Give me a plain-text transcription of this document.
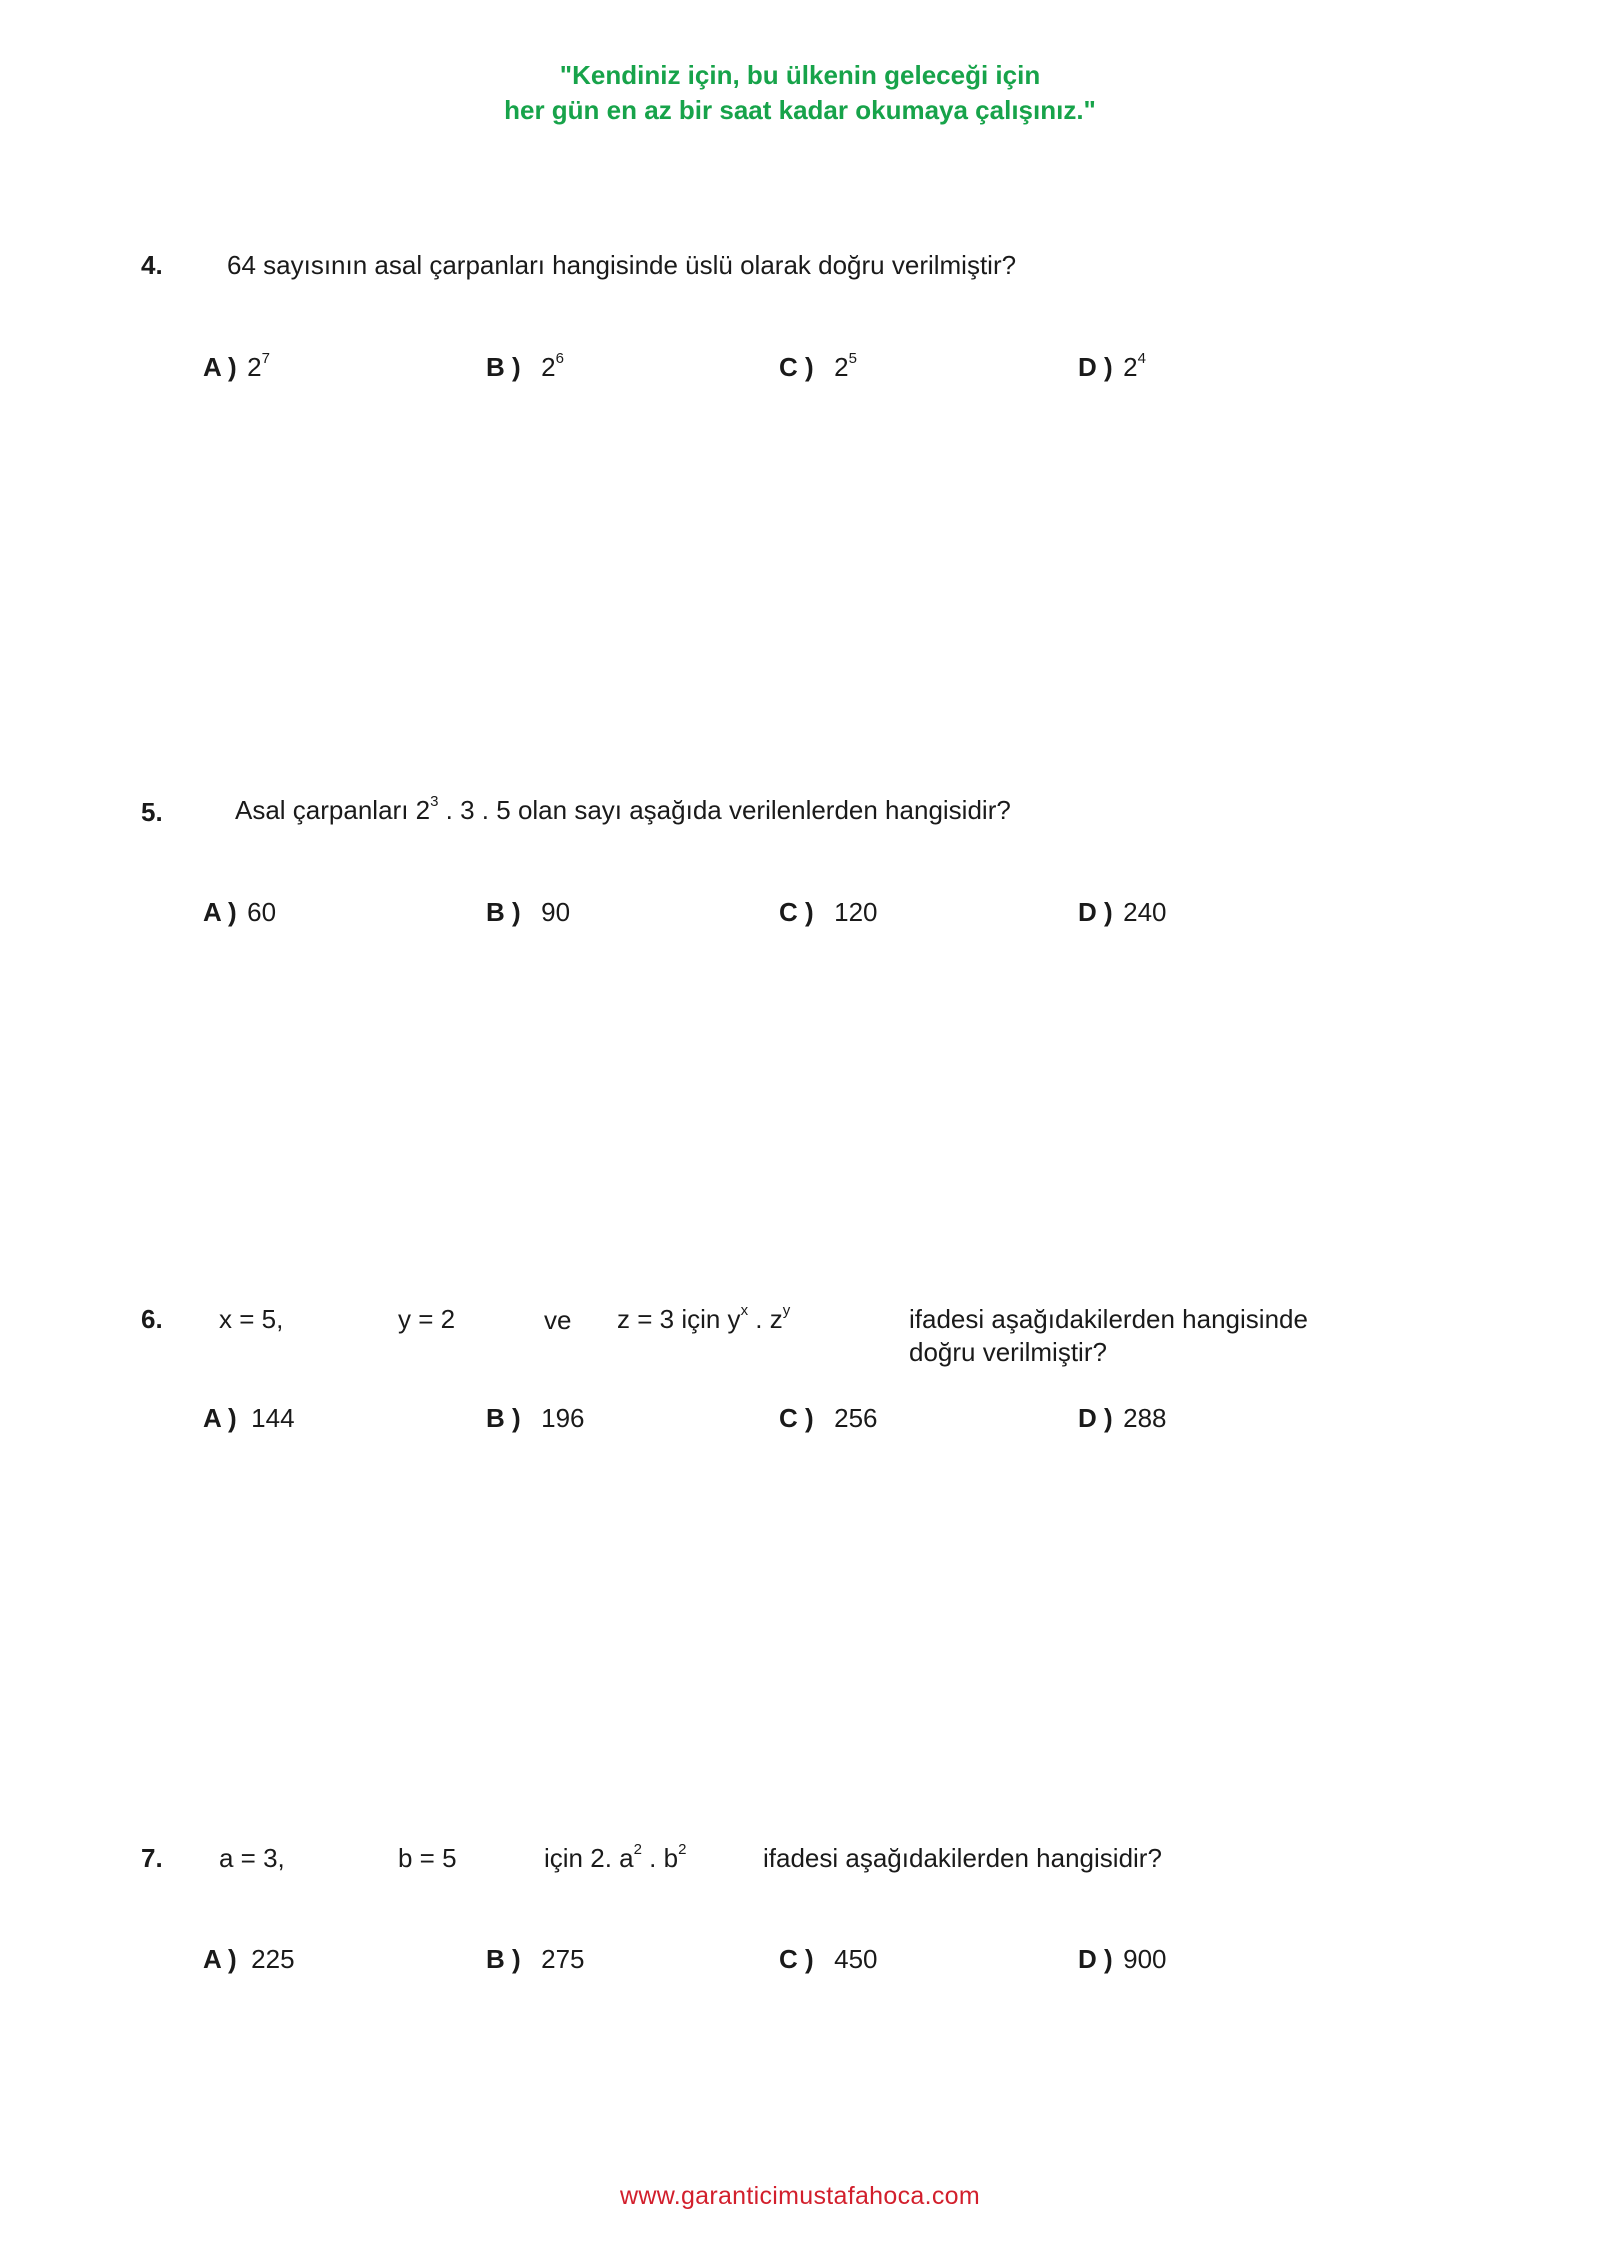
"Kendiniz için, bu ülkenin geleceği için
her gün en az bir saat kadar okumaya çalışınız."
4. 64 sayısının asal çarpanları hangisinde üslü olarak doğru verilmiştir?
A ) $2^7$	B ) $2^6$	C ) $2^5$	D ) $2^4$
5.	Asal çarpanları $2^3$ . 3 . 5 olan sayı aşağıda verilenlerden hangisidir?
A ) 60	B ) 90	C ) 120	D ) 240
6. x = 5,	y = 2	ve z = 3 için $y^x$ . $z^y$	ifadesi aşağıdakilerden hangisinde
doğru verilmiştir?
A ) 144	B ) 196	C ) 256	D ) 288
7. a = 3,	b = 5	için 2. $a^2$ . $b^2$	ifadesi aşağıdakilerden hangisidir?
A ) 225	B ) 275	C ) 450	D ) 900
www.garanticimustafahoca.com
